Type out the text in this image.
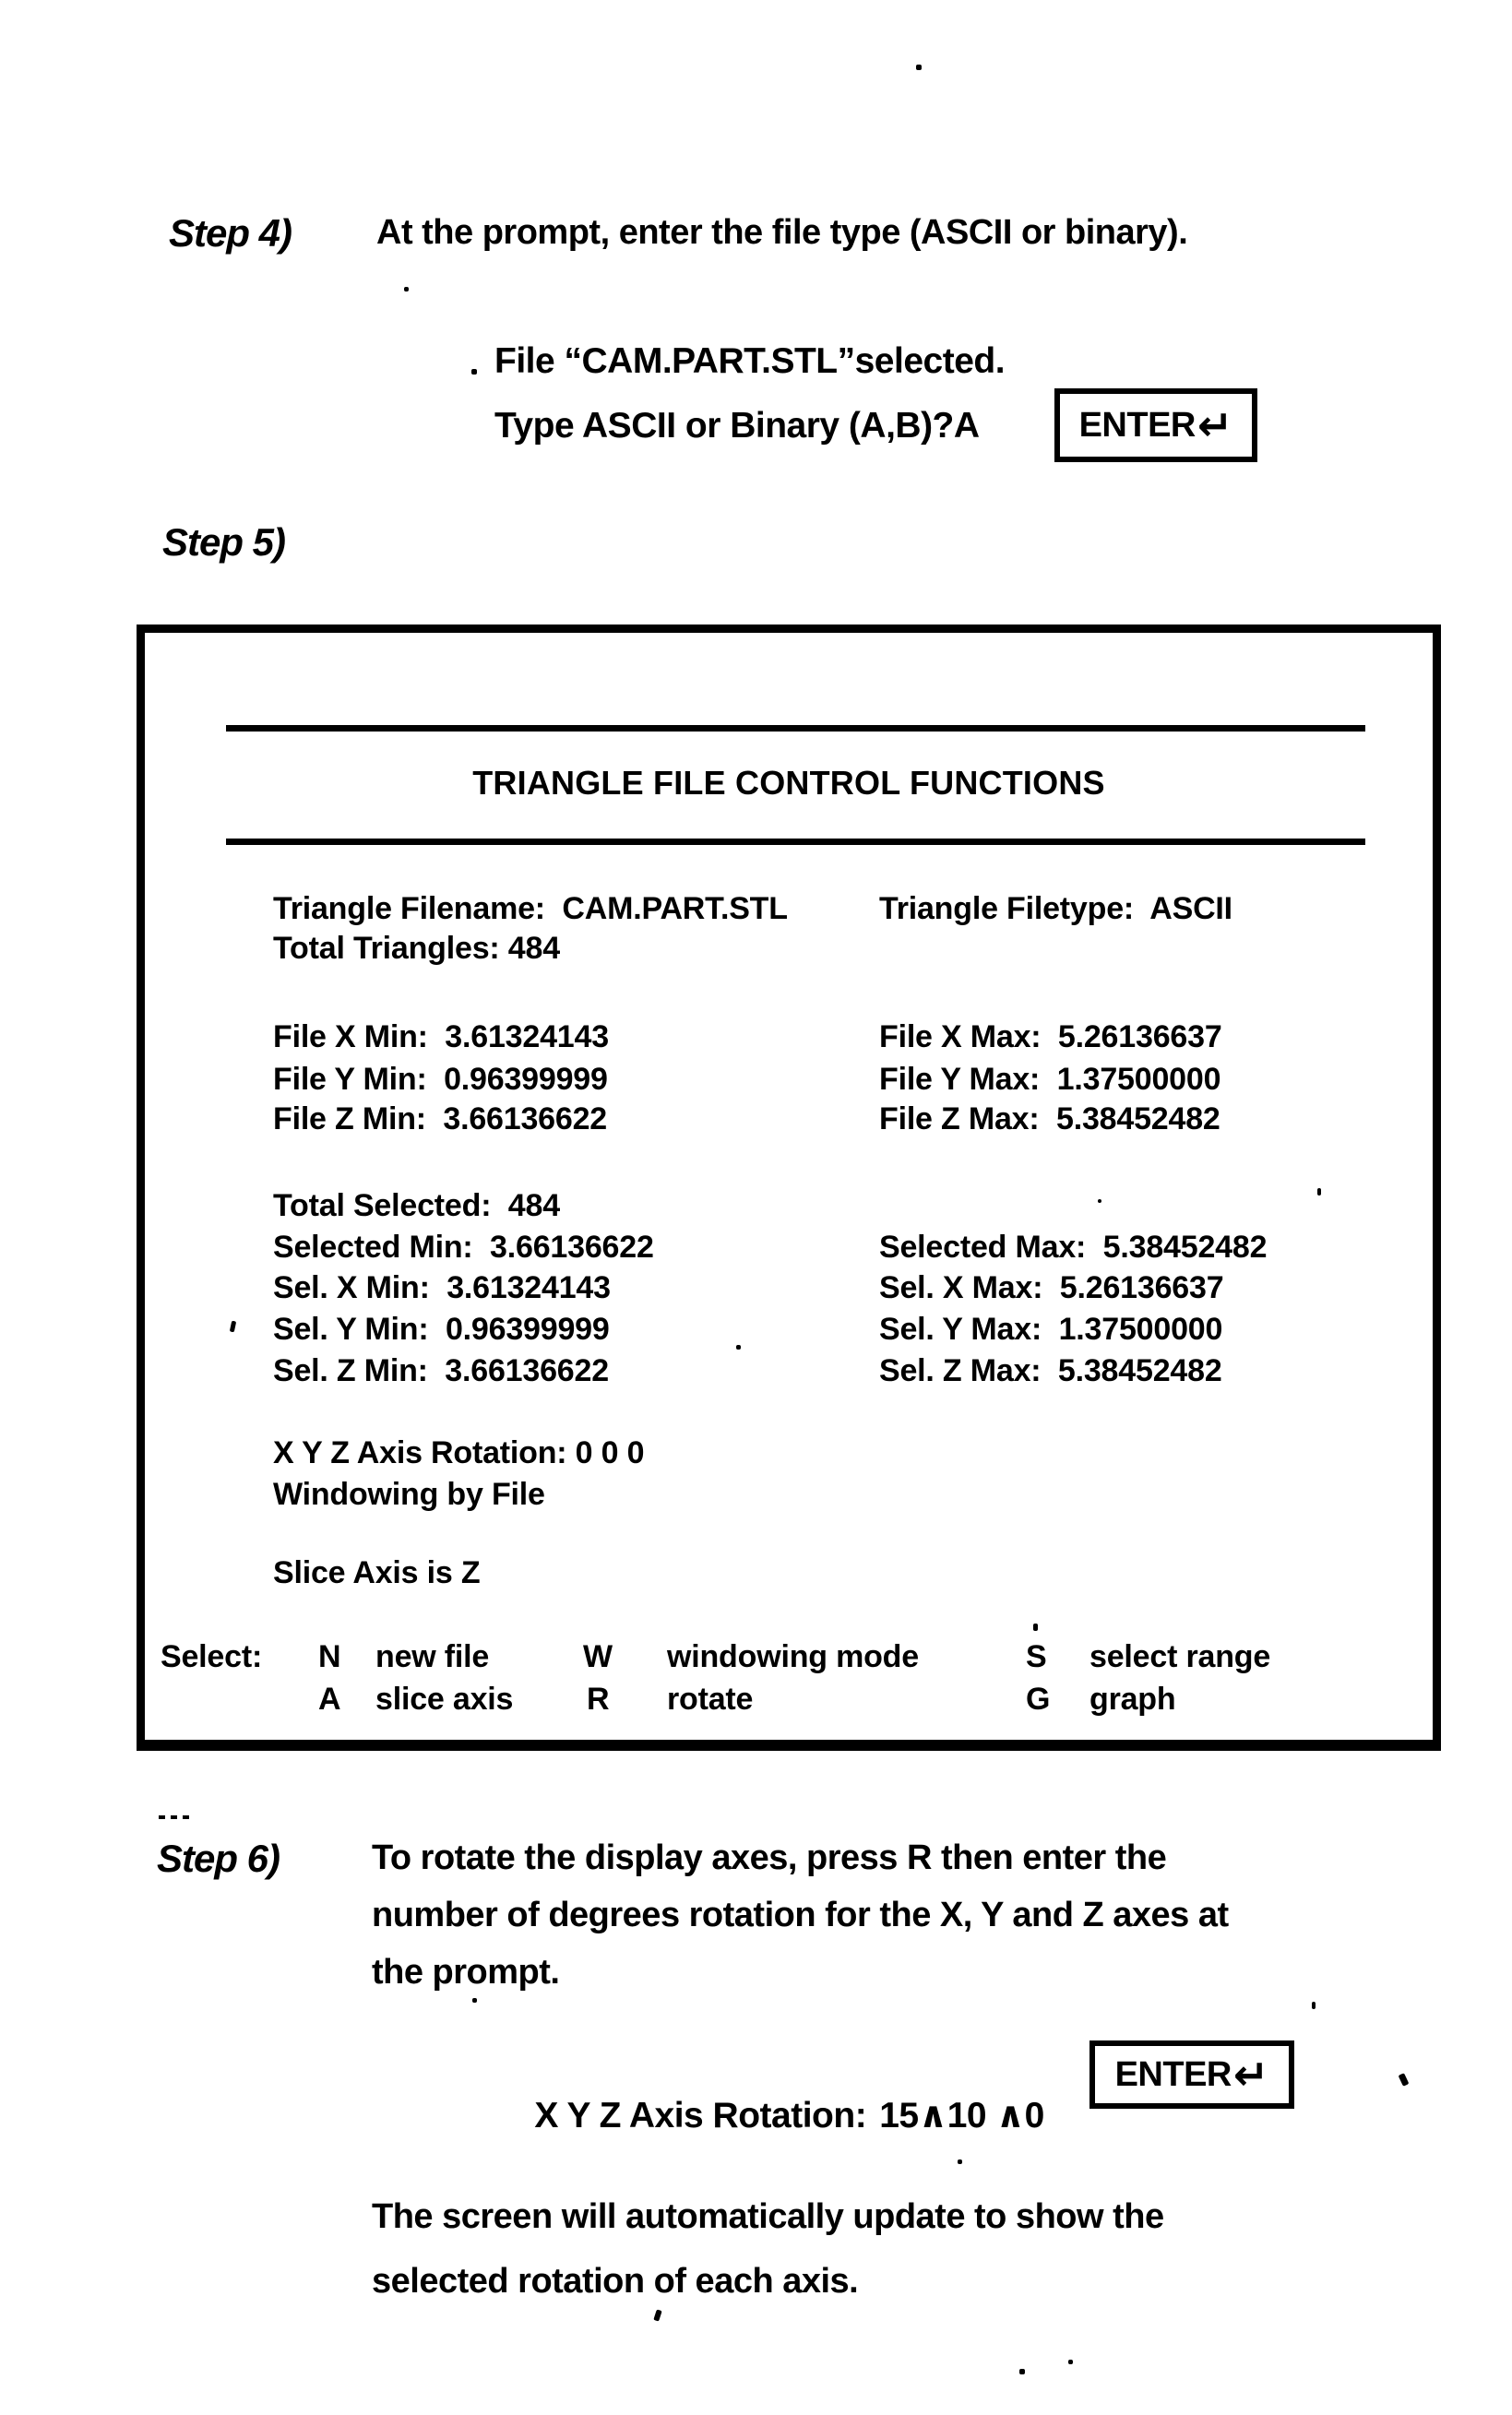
Step 4) At the prompt, enter the file type (ASCII or binary).
File “CAM.PART.STL”selected.
Type ASCII or Binary (A,B)?A	ENTER ↵
Step 5)
TRIANGLE FILE CONTROL FUNCTIONS
Triangle Filename:  CAM.PART.STL	Triangle Filetype:  ASCII
Total Triangles: 484
File X Min:  3.61324143	File X Max:  5.26136637
File Y Min:  0.96399999	File Y Max:  1.37500000
File Z Min:  3.66136622	File Z Max:  5.38452482
Total Selected:  484
Selected Min:  3.66136622	Selected Max:  5.38452482
Sel. X Min:  3.61324143	Sel. X Max:  5.26136637
Sel. Y Min:  0.96399999	Sel. Y Max:  1.37500000
Sel. Z Min:  3.66136622	Sel. Z Max:  5.38452482
X Y Z Axis Rotation: 0 0 0
Windowing by File
Slice Axis is Z
Select: N new file	W windowing mode	S select range
A slice axis R rotate	G graph
Step 6)	To rotate the display axes, press R then enter the
number of degrees rotation for the X, Y and Z axes at
the prompt.

X Y Z Axis Rotation: 15∧10 ∧0

ENTER ↵
The screen will automatically update to show the
selected rotation of each axis.
